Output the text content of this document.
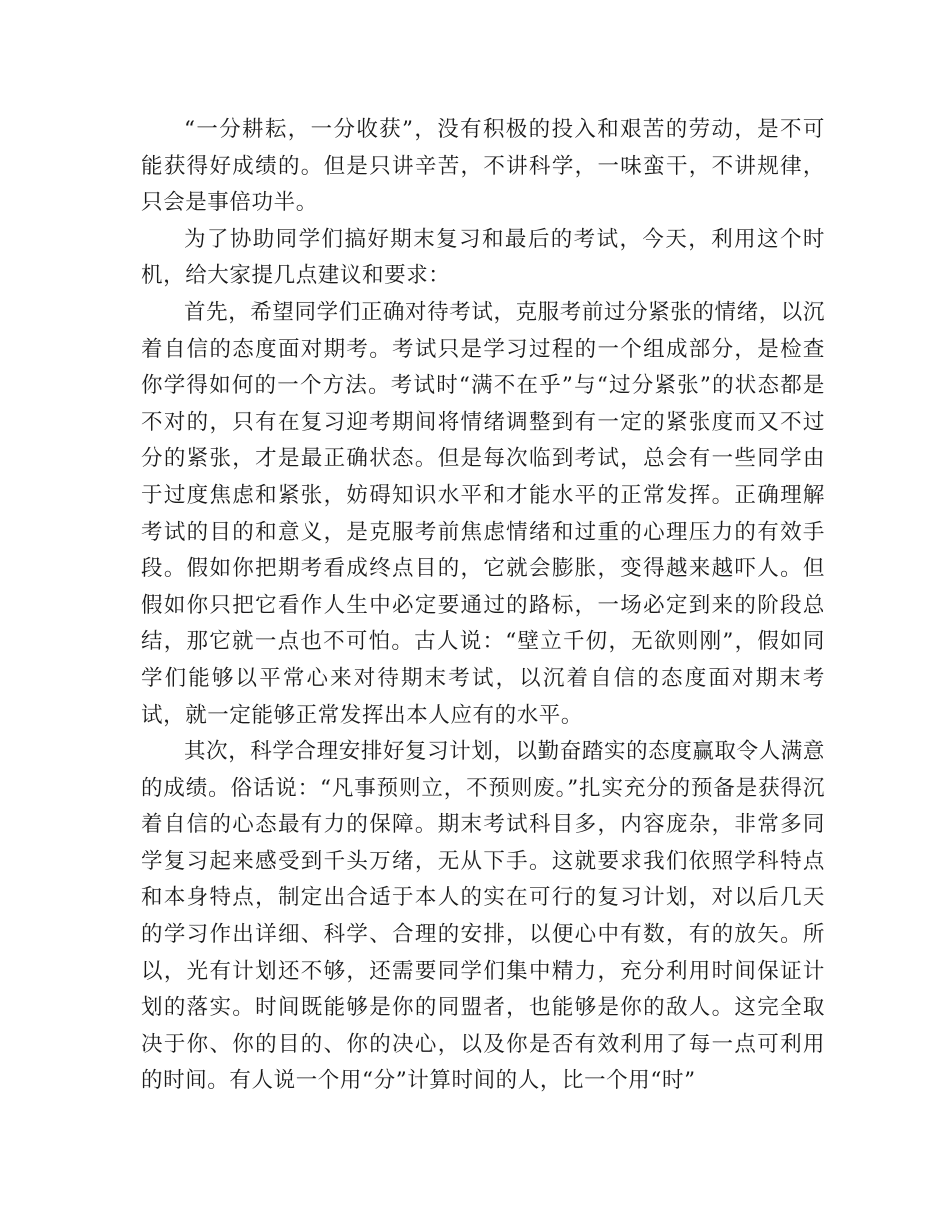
“一分耕耘，一分收获”，没有积极的投入和艰苦的劳动，是不可能获得好成绩的。但是只讲辛苦，不讲科学，一味蛮干，不讲规律，只会是事倍功半。

为了协助同学们搞好期末复习和最后的考试，今天，利用这个时机，给大家提几点建议和要求：

首先，希望同学们正确对待考试，克服考前过分紧张的情绪，以沉着自信的态度面对期考。考试只是学习过程的一个组成部分，是检查你学得如何的一个方法。考试时“满不在乎”与“过分紧张”的状态都是不对的，只有在复习迎考期间将情绪调整到有一定的紧张度而又不过分的紧张，才是最正确状态。但是每次临到考试，总会有一些同学由于过度焦虑和紧张，妨碍知识水平和才能水平的正常发挥。正确理解考试的目的和意义，是克服考前焦虑情绪和过重的心理压力的有效手段。假如你把期考看成终点目的，它就会膨胀，变得越来越吓人。但假如你只把它看作人生中必定要通过的路标，一场必定到来的阶段总结，那它就一点也不可怕。古人说：“壁立千仞，无欲则刚”，假如同学们能够以平常心来对待期末考试，以沉着自信的态度面对期末考试，就一定能够正常发挥出本人应有的水平。

其次，科学合理安排好复习计划，以勤奋踏实的态度赢取令人满意的成绩。俗话说：“凡事预则立，不预则废。”扎实充分的预备是获得沉着自信的心态最有力的保障。期末考试科目多，内容庞杂，非常多同学复习起来感受到千头万绪，无从下手。这就要求我们依照学科特点和本身特点，制定出合适于本人的实在可行的复习计划，对以后几天的学习作出详细、科学、合理的安排，以便心中有数，有的放矢。所以，光有计划还不够，还需要同学们集中精力，充分利用时间保证计划的落实。时间既能够是你的同盟者，也能够是你的敌人。这完全取决于你、你的目的、你的决心，以及你是否有效利用了每一点可利用的时间。有人说一个用“分”计算时间的人，比一个用“时”
